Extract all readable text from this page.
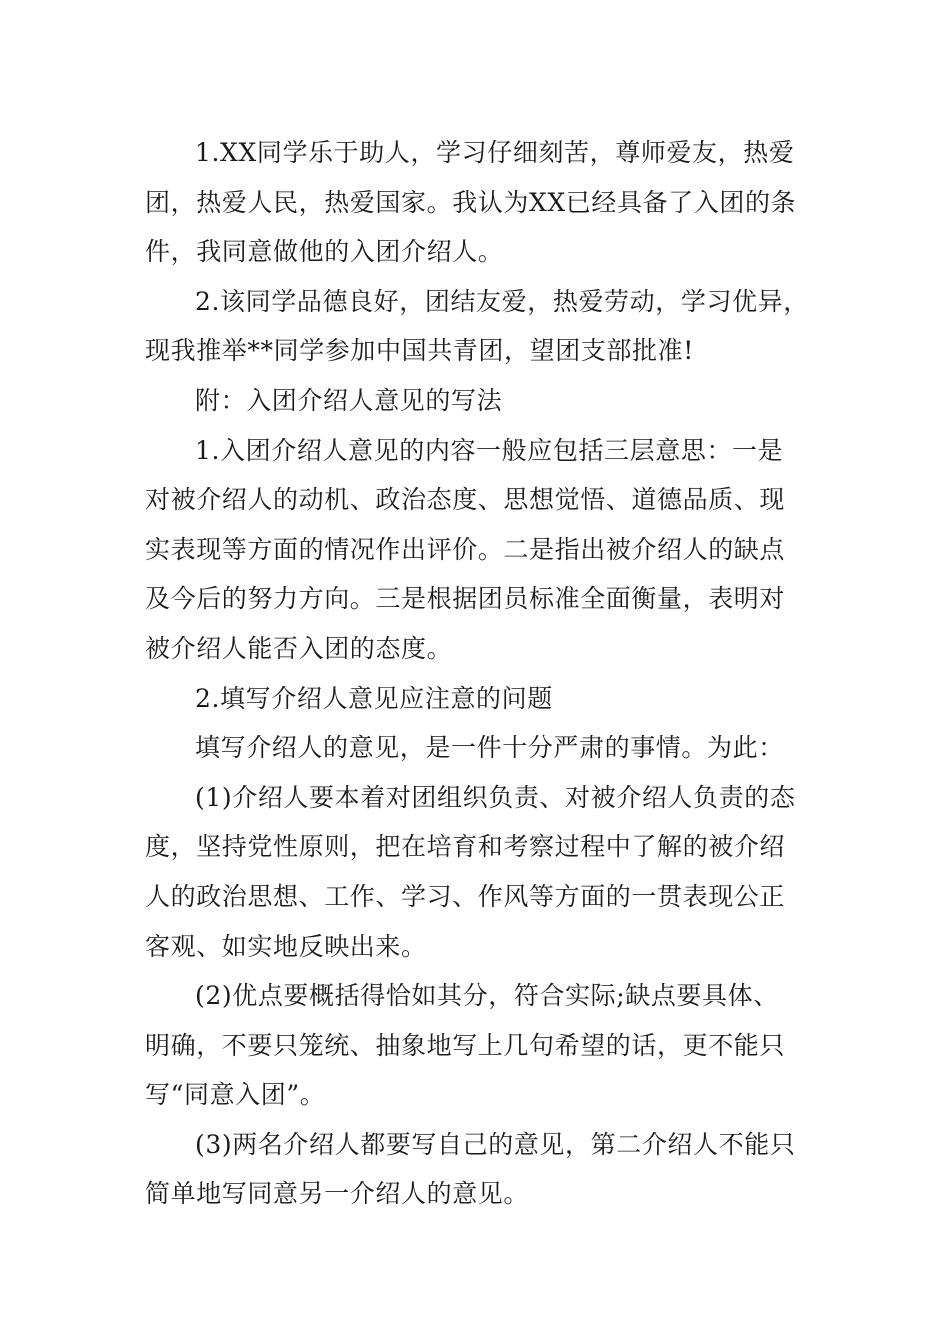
1.XX同学乐于助人，学习仔细刻苦，尊师爱友，热爱
团，热爱人民，热爱国家。我认为XX已经具备了入团的条
件，我同意做他的入团介绍人。
2.该同学品德良好，团结友爱，热爱劳动，学习优异，
现我推举**同学参加中国共青团，望团支部批准!
附：入团介绍人意见的写法
1.入团介绍人意见的内容一般应包括三层意思：一是
对被介绍人的动机、政治态度、思想觉悟、道德品质、现
实表现等方面的情况作出评价。二是指出被介绍人的缺点
及今后的努力方向。三是根据团员标准全面衡量，表明对
被介绍人能否入团的态度。
2.填写介绍人意见应注意的问题
填写介绍人的意见，是一件十分严肃的事情。为此：
(1)介绍人要本着对团组织负责、对被介绍人负责的态
度，坚持党性原则，把在培育和考察过程中了解的被介绍
人的政治思想、工作、学习、作风等方面的一贯表现公正
客观、如实地反映出来。
(2)优点要概括得恰如其分，符合实际;缺点要具体、
明确，不要只笼统、抽象地写上几句希望的话，更不能只
写“同意入团”。
(3)两名介绍人都要写自己的意见，第二介绍人不能只
简单地写同意另一介绍人的意见。
